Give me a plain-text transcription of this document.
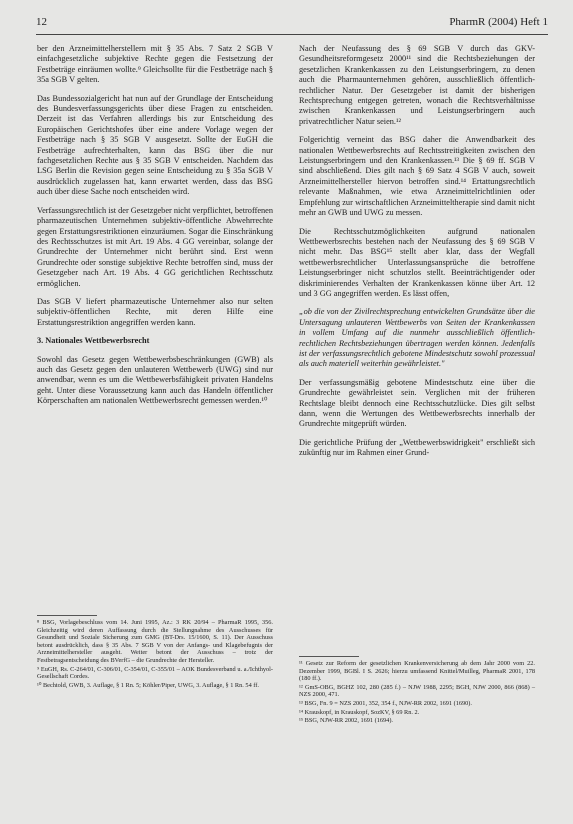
12	PharmR (2004) Heft 1

ber den Arzneimittelherstellern mit § 35 Abs. 7 Satz 2 SGB V einfachgesetzliche subjektive Rechte gegen die Festsetzung der Festbeträge einräumen wollte.⁹ Gleichsollte für die Festbeträge nach § 35a SGB V gelten.

Das Bundessozialgericht hat nun auf der Grundlage der Entscheidung des Bundesverfassungsgerichts über diese Fragen zu entscheiden. Derzeit ist das Verfahren allerdings bis zur Entscheidung des Europäischen Gerichtshofes über eine andere Vorlage wegen der Festbeträge nach § 35 SGB V ausgesetzt. Sollte der EuGH die Festbeträge aufrechterhalten, kann das BSG über die nur fachgesetzlichen Rechte aus § 35 SGB V entscheiden. Nachdem das LSG Berlin die Revision gegen seine Entscheidung zu § 35a SGB V ausdrücklich zugelassen hat, kann erwartet werden, dass das BSG auch über diese Sache noch entscheiden wird.

Verfassungsrechtlich ist der Gesetzgeber nicht verpflichtet, betroffenen pharmazeutischen Unternehmen subjektiv-öffentliche Abwehrrechte gegen Erstattungsrestriktionen einzuräumen. Sogar die Einschränkung des Rechtsschutzes ist mit Art. 19 Abs. 4 GG vereinbar, solange der Grundrechte der Unternehmer nicht berührt sind. Erst wenn Grundrechte oder sonstige subjektive Rechte betroffen sind, muss der Gesetzgeber nach Art. 19 Abs. 4 GG gerichtlichen Rechtsschutz ermöglichen.

Das SGB V liefert pharmazeutische Unternehmer also nur selten subjektiv-öffentlichen Rechte, mit deren Hilfe eine Erstattungsrestriktion angegriffen werden kann.

3. Nationales Wettbewerbsrecht

Sowohl das Gesetz gegen Wettbewerbsbeschränkungen (GWB) als auch das Gesetz gegen den unlauteren Wettbewerb (UWG) sind nur anwendbar, wenn es um die Wettbewerbsfähigkeit privaten Handelns geht. Unter diese Voraussetzung kann auch das Handeln öffentlicher Körperschaften am nationalen Wettbewerbsrecht gemessen werden.¹⁰

⁸ BSG, Vorlagebeschluss vom 14. Juni 1995, Az.: 3 RK 20/94 – PharmaR 1995, 356. Gleichzeitig wird deren Auffassung durch die Stellungnahme des Ausschusses für Gesundheit und Soziale Sicherung zum GMG (BT-Drs. 15/1600, S. 11). Der Ausschuss betont ausdrücklich, dass § 35 Abs. 7 SGB V von der Anfangs- und Klagebefugnis der Arzneimittelhersteller ausgeht. Weiter betont der Ausschuss – trotz der Festbetragsentscheidung des BVerfG – die Grundrechte der Hersteller.

⁹ EuGH, Rs. C-264/01, C-306/01, C-354/01, C-355/01 – AOK Bundesverband u. a./Ichthyol-Gesellschaft Cordes.

¹⁰ Bechtold, GWB, 3. Auflage, § 1 Rn. 5; Köhler/Piper, UWG, 3. Auflage, § 1 Rn. 54 ff.

Nach der Neufassung des § 69 SGB V durch das GKV-Gesundheitsreformgesetz 2000¹¹ sind die Rechtsbeziehungen der gesetzlichen Krankenkassen zu den Leistungserbringern, zu denen auch die Pharmaunternehmen gehören, ausschließlich öffentlich-rechtlicher Natur. Der Gesetzgeber ist damit der bisherigen Rechtsprechung entgegen getreten, wonach die Rechtsverhältnisse zwischen Krankenkassen und Leistungserbringern auch privatrechtlicher Natur seien.¹²

Folgerichtig verneint das BSG daher die Anwendbarkeit des nationalen Wettbewerbsrechts auf Rechtsstreitigkeiten zwischen den Leistungserbringern und den Krankenkassen.¹³ Die § 69 ff. SGB V sind abschließend. Dies gilt nach § 69 Satz 4 SGB V auch, soweit Arzneimittelhersteller hiervon betroffen sind.¹⁴ Ertattungsrechtlich relevante Maßnahmen, wie etwa Arzneimittelrichtlinien oder Empfehlung zur wirtschaftlichen Arzneimitteltherapie sind damit nicht mehr an GWB und UWG zu messen.

Die Rechtsschutzmöglichkeiten aufgrund nationalen Wettbewerbsrechts bestehen nach der Neufassung des § 69 SGB V nicht mehr. Das BSG¹⁵ stellt aber klar, dass der Wegfall wettbewerbsrechtlicher Unterlassungsansprüche die betroffene Leistungserbringer nicht schutzlos stellt. Beeinträchtigender oder diskriminierendes Verhalten der Krankenkassen könne über Art. 12 und 3 GG angegriffen werden. Es lässt offen,

„ob die von der Zivilrechtsprechung entwickelten Grundsätze über die Untersagung unlauteren Wettbewerbs von Seiten der Krankenkassen in vollem Umfang auf die nunmehr ausschließlich öffentlich-rechtlichen Rechtsbeziehungen übertragen werden können. Jedenfalls ist der verfassungsrechtlich gebotene Mindestschutz sowohl prozessual als auch materiell weiterhin gewährleistet."

Der verfassungsmäßig gebotene Mindestschutz eine über die Grundrechte gewährleistet sein. Verglichen mit der früheren Rechtslage bleibt dennoch eine Rechtsschutzlücke. Dies gilt selbst dann, wenn die Wertungen des Wettbewerbsrechts innerhalb der Grundrechte mitgeprüft würden.

Die gerichtliche Prüfung der „Wettbewerbswidrigkeit" erschließt sich zukünftig nur im Rahmen einer Grund-

¹¹ Gesetz zur Reform der gesetzlichen Krankenversicherung ab dem Jahr 2000 vom 22. Dezember 1999, BGBl. I S. 2626; hierzu umfassend Knittel/Muilleg, PharmaR 2001, 178 (180 ff.).

¹² GmS-OBG, BGHZ 102, 280 (285 f.) – NJW 1988, 2295; BGH, NJW 2000, 866 (868) – NZS 2000, 471.

¹³ BSG, Fn. 9 = NZS 2001, 352, 354 f., NJW-RR 2002, 1691 (1690).

¹⁴ Krauskopf, in Krauskopf, SozKV, § 69 Rn. 2.

¹⁵ BSG, NJW-RR 2002, 1691 (1694).
